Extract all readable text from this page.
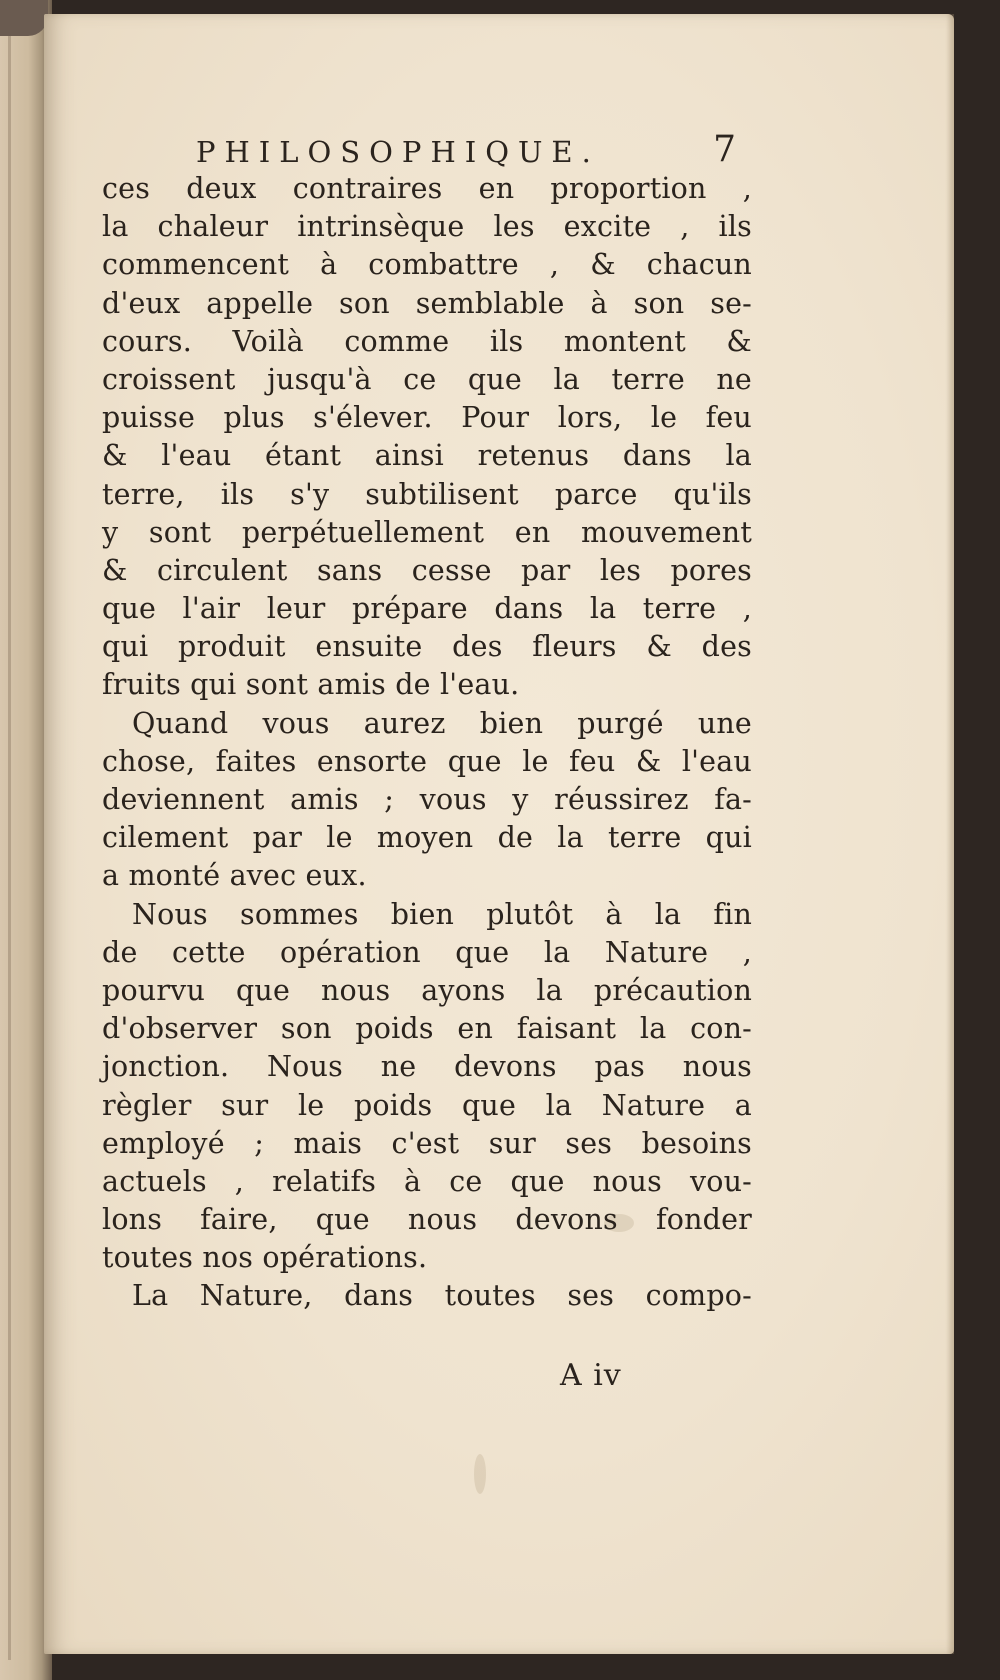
PHILOSOPHIQUE.	7
ces deux contraires en proportion ,
la chaleur intrinsèque les excite , ils
commencent à combattre , & chacun
d'eux appelle son semblable à son se-
cours. Voilà comme ils montent &
croissent jusqu'à ce que la terre ne
puisse plus s'élever. Pour lors, le feu
& l'eau étant ainsi retenus dans la
terre, ils s'y subtilisent parce qu'ils
y sont perpétuellement en mouvement
& circulent sans cesse par les pores
que l'air leur prépare dans la terre ,
qui produit ensuite des fleurs & des
fruits qui sont amis de l'eau.
Quand vous aurez bien purgé une
chose, faites ensorte que le feu & l'eau
deviennent amis ; vous y réussirez fa-
cilement par le moyen de la terre qui
a monté avec eux.
Nous sommes bien plutôt à la fin
de cette opération que la Nature ,
pourvu que nous ayons la précaution
d'observer son poids en faisant la con-
jonction. Nous ne devons pas nous
règler sur le poids que la Nature a
employé ; mais c'est sur ses besoins
actuels , relatifs à ce que nous vou-
lons faire, que nous devons fonder
toutes nos opérations.
La Nature, dans toutes ses compo-
A iv
